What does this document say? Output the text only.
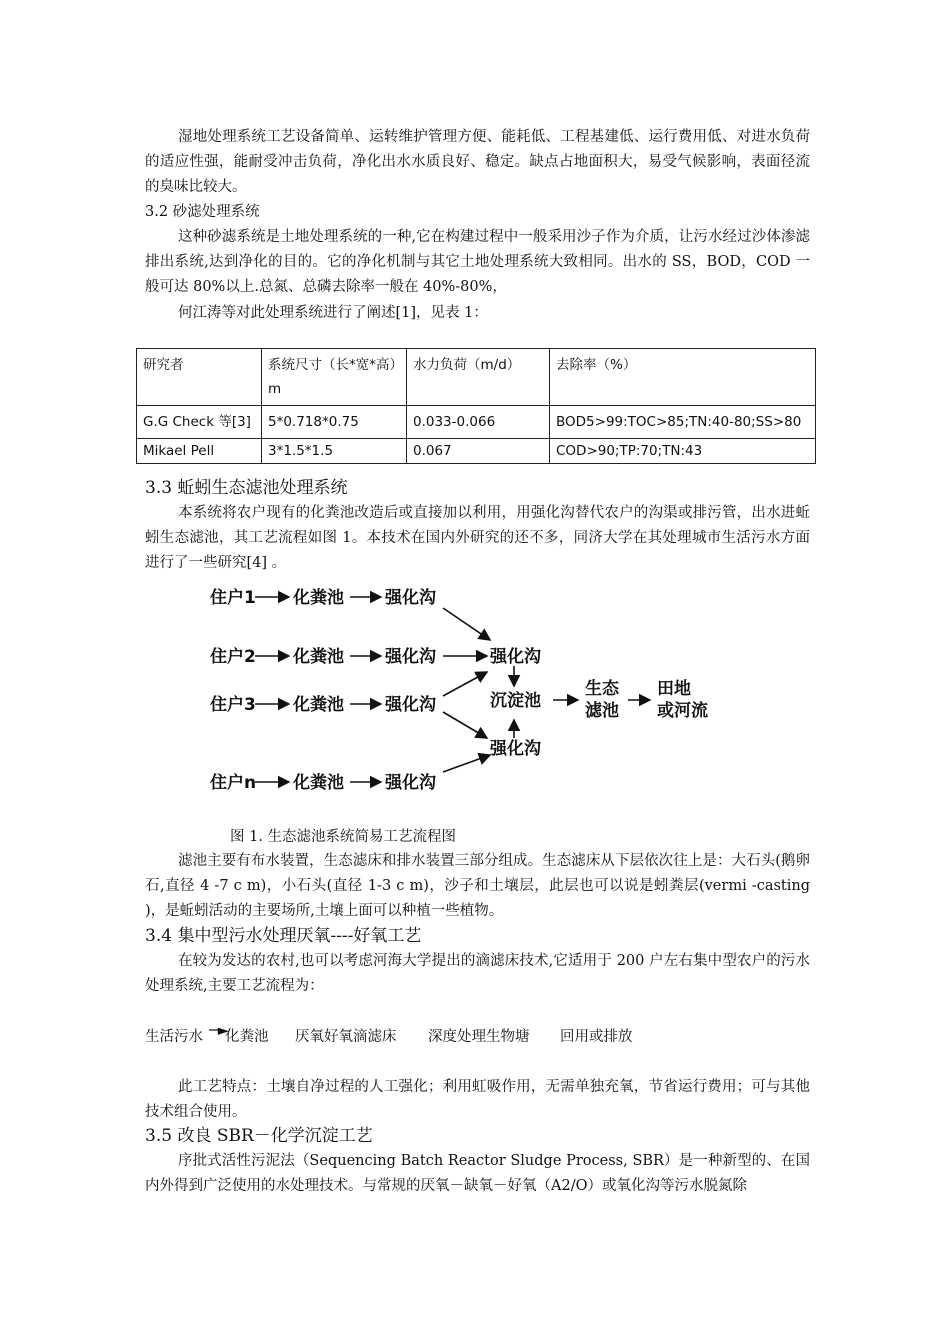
湿地处理系统工艺设备简单、运转维护管理方便、能耗低、工程基建低、运行费用低、对进水负荷的适应性强，能耐受冲击负荷，净化出水水质良好、稳定。缺点占地面积大，易受气候影响，表面径流的臭味比较大。
3.2 砂滤处理系统
这种砂滤系统是土地处理系统的一种,它在构建过程中一般采用沙子作为介质，让污水经过沙体渗滤排出系统,达到净化的目的。它的净化机制与其它土地处理系统大致相同。出水的 SS，BOD，COD 一般可达 80%以上.总氮、总磷去除率一般在 40%-80%，
何江涛等对此处理系统进行了阐述[1]，见表 1：
研究者	系统尺寸（长*宽*高）m	水力负荷（m/d）	去除率（%）
G.G Check 等[3]	5*0.718*0.75	0.033-0.066	BOD5>99:TOC>85;TN:40-80;SS>80
Mikael Pell	3*1.5*1.5	0.067	COD>90;TP:70;TN:43
3.3 蚯蚓生态滤池处理系统
本系统将农户现有的化粪池改造后或直接加以利用，用强化沟替代农户的沟渠或排污管，出水进蚯蚓生态滤池，其工艺流程如图 1。本技术在国内外研究的还不多，同济大学在其处理城市生活污水方面进行了一些研究[4] 。
住户1
住户2
住户3
住户n
化粪池
化粪池
化粪池
化粪池
强化沟
强化沟
强化沟
强化沟
强化沟
沉淀池
强化沟
生态
滤池
田地
或河流
图 1. 生态滤池系统简易工艺流程图
滤池主要有布水装置，生态滤床和排水装置三部分组成。生态滤床从下层依次往上是：大石头(鹅卵石,直径 4 -7 c m)，小石头(直径 1-3 c m)，沙子和土壤层，此层也可以说是蚓粪层(vermi -casting )，是蚯蚓活动的主要场所,土壤上面可以种植一些植物。
3.4 集中型污水处理厌氧----好氧工艺
在较为发达的农村,也可以考虑河海大学提出的滴滤床技术,它适用于 200 户左右集中型农户的污水处理系统,主要工艺流程为：
生活污水 ─►
化粪池 厌氧好氧滴滤床 深度处理生物塘 回用或排放
此工艺特点：土壤自净过程的人工强化；利用虹吸作用，无需单独充氧，节省运行费用；可与其他技术组合使用。
3.5 改良 SBR－化学沉淀工艺
序批式活性污泥法（Sequencing Batch Reactor Sludge Process, SBR）是一种新型的、在国内外得到广泛使用的水处理技术。与常规的厌氧－缺氧－好氧（A2/O）或氧化沟等污水脱氮除
